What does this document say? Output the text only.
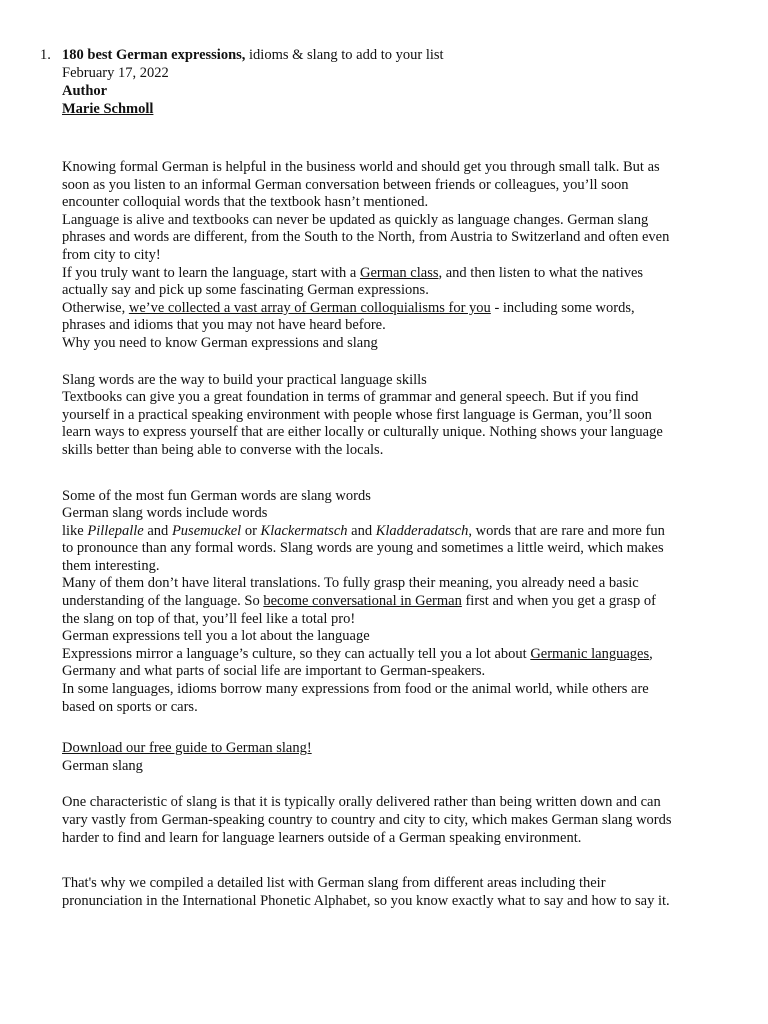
1. 180 best German expressions, idioms & slang to add to your list
February 17, 2022
Author
Marie Schmoll

Knowing formal German is helpful in the business world and should get you through small talk. But as soon as you listen to an informal German conversation between friends or colleagues, you’ll soon encounter colloquial words that the textbook hasn’t mentioned.

Language is alive and textbooks can never be updated as quickly as language changes. German slang phrases and words are different, from the South to the North, from Austria to Switzerland and often even from city to city!

If you truly want to learn the language, start with a German class, and then listen to what the natives actually say and pick up some fascinating German expressions.

Otherwise, we’ve collected a vast array of German colloquialisms for you - including some words, phrases and idioms that you may not have heard before.

Why you need to know German expressions and slang

Slang words are the way to build your practical language skills

Textbooks can give you a great foundation in terms of grammar and general speech. But if you find yourself in a practical speaking environment with people whose first language is German, you’ll soon learn ways to express yourself that are either locally or culturally unique. Nothing shows your language skills better than being able to converse with the locals.

Some of the most fun German words are slang words

German slang words include words

like Pillepalle and Pusemuckel or Klackermatsch and Kladderadatsch, words that are rare and more fun to pronounce than any formal words. Slang words are young and sometimes a little weird, which makes them interesting.

Many of them don’t have literal translations. To fully grasp their meaning, you already need a basic understanding of the language. So become conversational in German first and when you get a grasp of the slang on top of that, you’ll feel like a total pro!

German expressions tell you a lot about the language

Expressions mirror a language’s culture, so they can actually tell you a lot about Germanic languages, Germany and what parts of social life are important to German-speakers.

In some languages, idioms borrow many expressions from food or the animal world, while others are based on sports or cars.

Download our free guide to German slang!

German slang

One characteristic of slang is that it is typically orally delivered rather than being written down and can vary vastly from German-speaking country to country and city to city, which makes German slang words harder to find and learn for language learners outside of a German speaking environment.

That's why we compiled a detailed list with German slang from different areas including their pronunciation in the International Phonetic Alphabet, so you know exactly what to say and how to say it.
